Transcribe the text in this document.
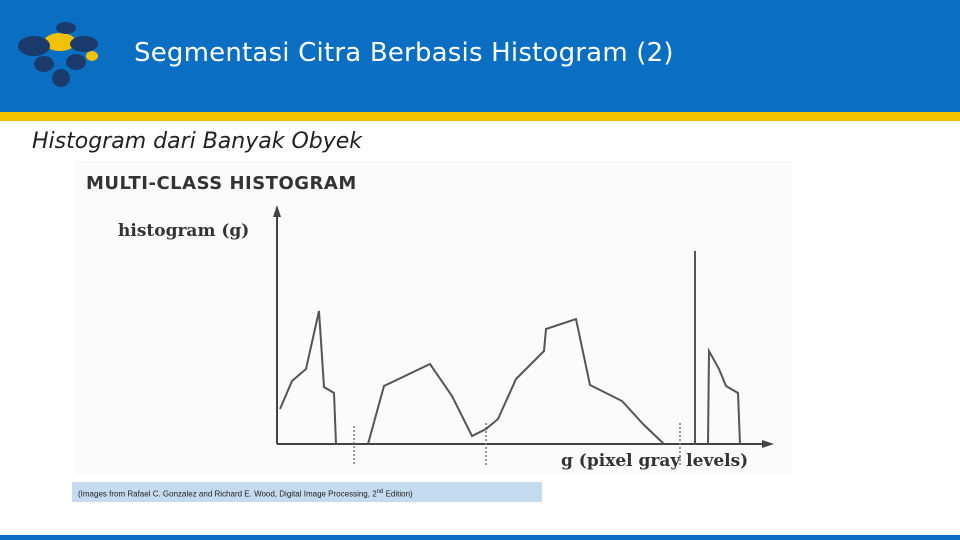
Segmentasi Citra Berbasis Histogram (2)
Histogram dari Banyak Obyek
MULTI-CLASS HISTOGRAM
histogram (g)
g (pixel gray levels)
(Images from Rafael C. Gonzalez and Richard E. Wood, Digital Image Processing, 2nd Edition)
